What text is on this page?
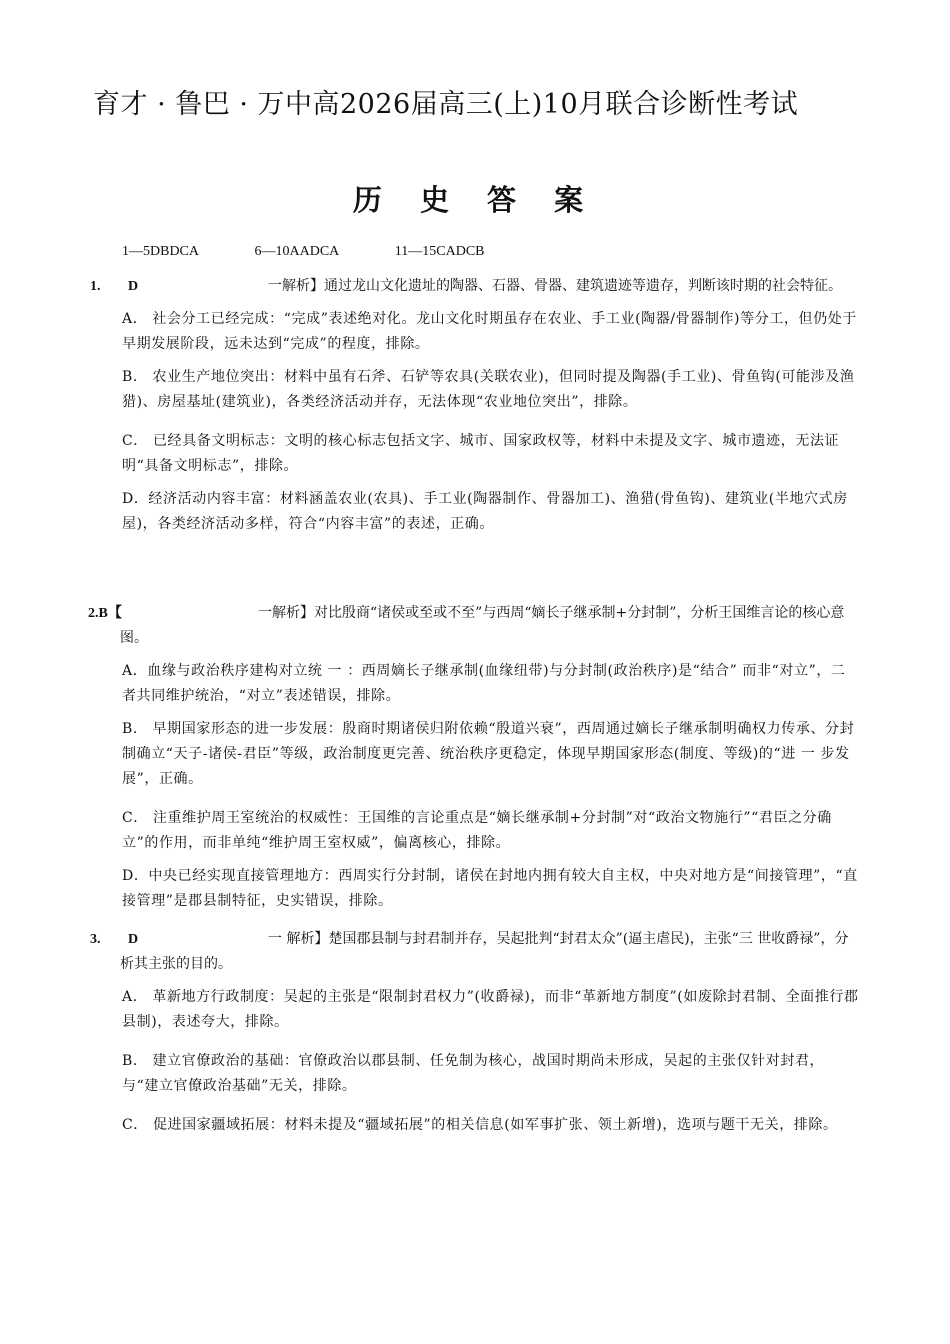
育才 · 鲁巴 · 万中高2026届高三(上)10月联合诊断性考试
历 史 答 案
1—5DBDCA	6—10AADCA	11—15CADCB
1. D	一解析】通过龙山文化遗址的陶器、石器、骨器、建筑遗迹等遗存，判断该时期的社会特征。
A． 社会分工已经完成：“完成”表述绝对化。龙山文化时期虽存在农业、手工业(陶器/骨器制作)等分工，但仍处于早期发展阶段，远未达到“完成”的程度，排除。
B． 农业生产地位突出：材料中虽有石斧、石铲等农具(关联农业)，但同时提及陶器(手工业)、骨鱼钩(可能涉及渔猎)、房屋基址(建筑业)，各类经济活动并存，无法体现“农业地位突出”，排除。
C． 已经具备文明标志：文明的核心标志包括文字、城市、国家政权等，材料中未提及文字、城市遗迹，无法证明“具备文明标志”，排除。
D．经济活动内容丰富：材料涵盖农业(农具)、手工业(陶器制作、骨器加工)、渔猎(骨鱼钩)、建筑业(半地穴式房屋)，各类经济活动多样，符合“内容丰富”的表述，正确。
2.B【	一解析】对比殷商“诸侯或至或不至”与西周“嫡长子继承制+分封制”，分析王国维言论的核心意图。
A．血缘与政治秩序建构对立统 一 ：西周嫡长子继承制(血缘纽带)与分封制(政治秩序)是“结合” 而非“对立”，二者共同维护统治，“对立”表述错误，排除。
B． 早期国家形态的进一步发展：殷商时期诸侯归附依赖“殷道兴衰”，西周通过嫡长子继承制明确权力传承、分封制确立“天子-诸侯-君臣”等级，政治制度更完善、统治秩序更稳定，体现早期国家形态(制度、等级)的“进 一 步发展”，正确。
C． 注重维护周王室统治的权威性：王国维的言论重点是“嫡长继承制+分封制”对“政治文物施行”“君臣之分确立”的作用，而非单纯“维护周王室权威”，偏离核心，排除。
D．中央已经实现直接管理地方：西周实行分封制，诸侯在封地内拥有较大自主权，中央对地方是“间接管理”，“直接管理”是郡县制特征，史实错误，排除。
3. D	一 解析】楚国郡县制与封君制并存，吴起批判“封君太众”(逼主虐民)，主张“三 世收爵禄”，分析其主张的目的。
A． 革新地方行政制度：吴起的主张是“限制封君权力”(收爵禄)，而非“革新地方制度”(如废除封君制、全面推行郡县制)，表述夸大，排除。
B． 建立官僚政治的基础：官僚政治以郡县制、任免制为核心，战国时期尚未形成，吴起的主张仅针对封君，与“建立官僚政治基础”无关，排除。
C． 促进国家疆域拓展：材料未提及“疆域拓展”的相关信息(如军事扩张、领土新增)，选项与题干无关，排除。
